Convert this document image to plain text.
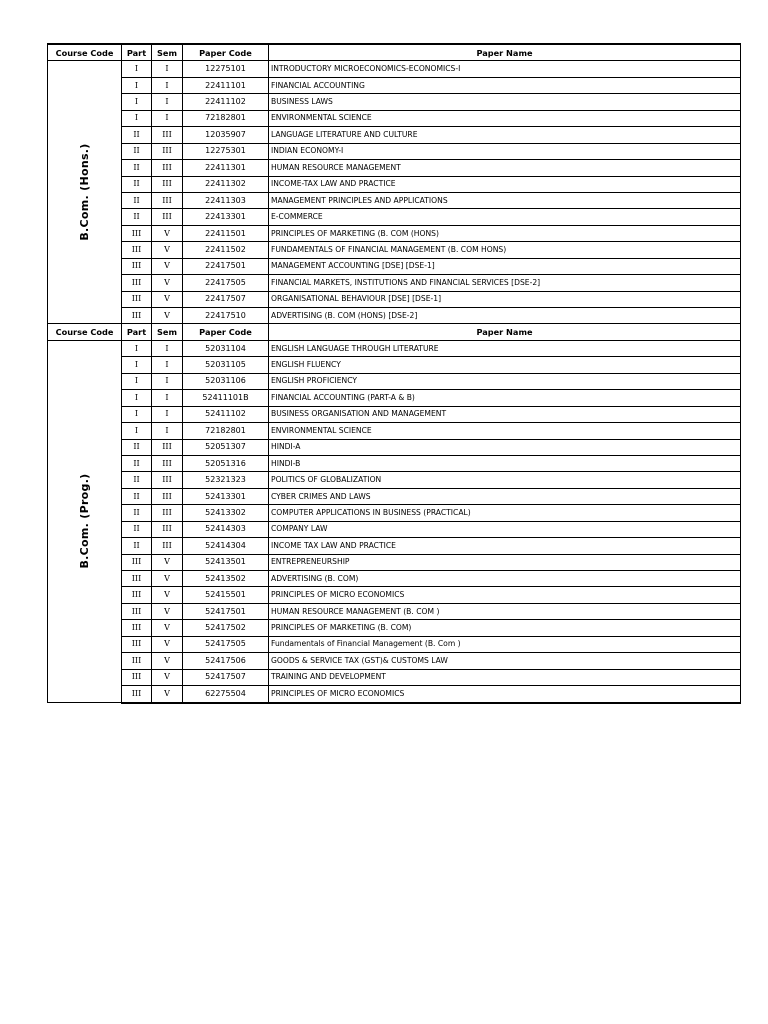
Course Code	Part	Sem	Paper Code	Paper Name

B.Com. (Hons.)	I	I	12275101	INTRODUCTORY MICROECONOMICS-ECONOMICS-I
	I	I	22411101	FINANCIAL ACCOUNTING
	I	I	22411102	BUSINESS LAWS
	I	I	72182801	ENVIRONMENTAL SCIENCE
	II	III	12035907	LANGUAGE LITERATURE AND CULTURE
	II	III	12275301	INDIAN ECONOMY-I
	II	III	22411301	HUMAN RESOURCE MANAGEMENT
	II	III	22411302	INCOME-TAX LAW AND PRACTICE
	II	III	22411303	MANAGEMENT PRINCIPLES AND APPLICATIONS
	II	III	22413301	E-COMMERCE
	III	V	22411501	PRINCIPLES OF MARKETING (B. COM (HONS)
	III	V	22411502	FUNDAMENTALS OF FINANCIAL MANAGEMENT (B. COM HONS)
	III	V	22417501	MANAGEMENT ACCOUNTING [DSE] [DSE-1]
	III	V	22417505	FINANCIAL MARKETS, INSTITUTIONS AND FINANCIAL SERVICES [DSE-2]
	III	V	22417507	ORGANISATIONAL BEHAVIOUR [DSE] [DSE-1]
	III	V	22417510	ADVERTISING (B. COM (HONS) [DSE-2]
Course Code	Part	Sem	Paper Code	Paper Name

B.Com. (Prog.)	I	I	52031104	ENGLISH LANGUAGE THROUGH LITERATURE
	I	I	52031105	ENGLISH FLUENCY
	I	I	52031106	ENGLISH PROFICIENCY
	I	I	52411101B	FINANCIAL ACCOUNTING (PART-A & B)
	I	I	52411102	BUSINESS ORGANISATION AND MANAGEMENT
	I	I	72182801	ENVIRONMENTAL SCIENCE
	II	III	52051307	HINDI-A
	II	III	52051316	HINDI-B
	II	III	52321323	POLITICS OF GLOBALIZATION
	II	III	52413301	CYBER CRIMES AND LAWS
	II	III	52413302	COMPUTER APPLICATIONS IN BUSINESS (PRACTICAL)
	II	III	52414303	COMPANY LAW
	II	III	52414304	INCOME TAX LAW AND PRACTICE
	III	V	52413501	ENTREPRENEURSHIP
	III	V	52413502	ADVERTISING (B. COM)
	III	V	52415501	PRINCIPLES OF MICRO ECONOMICS
	III	V	52417501	HUMAN RESOURCE MANAGEMENT (B. COM )
	III	V	52417502	PRINCIPLES OF MARKETING (B. COM)
	III	V	52417505	Fundamentals of Financial Management (B. Com )
	III	V	52417506	GOODS & SERVICE TAX (GST)& CUSTOMS LAW
	III	V	52417507	TRAINING AND DEVELOPMENT
	III	V	62275504	PRINCIPLES OF MICRO ECONOMICS
